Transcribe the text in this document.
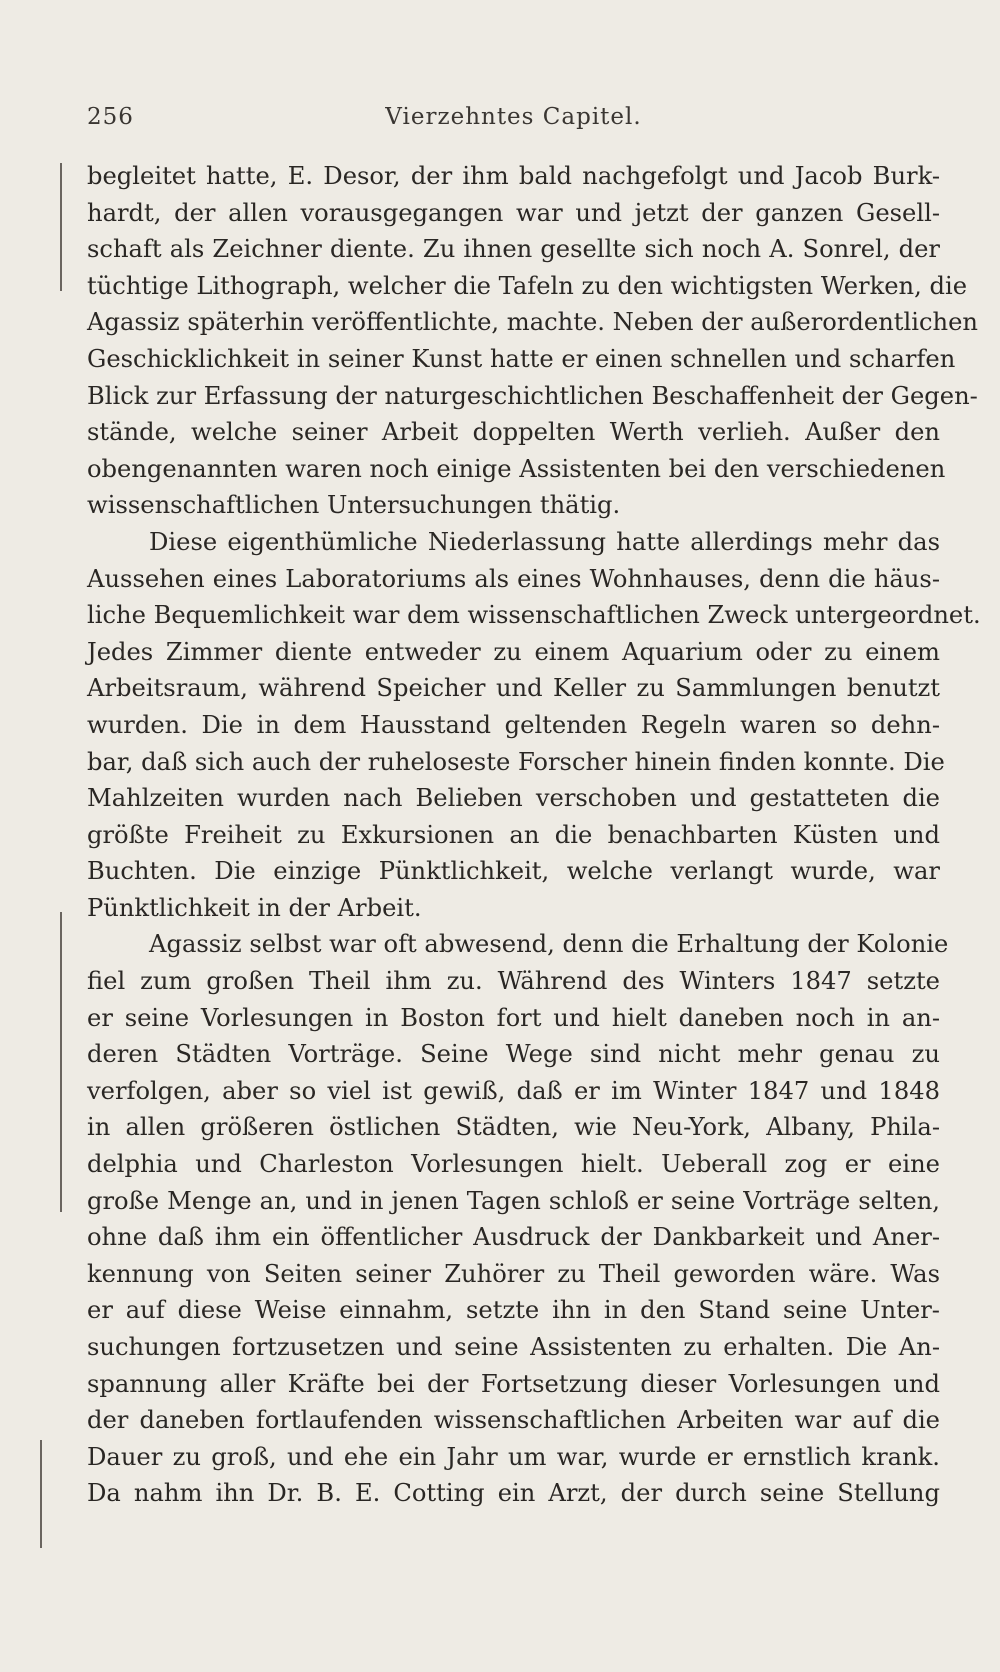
256	Vierzehntes Capitel.
begleitet hatte, E. Desor, der ihm bald nachgefolgt und Jacob Burk-
hardt, der allen vorausgegangen war und jetzt der ganzen Gesell-
schaft als Zeichner diente. Zu ihnen gesellte sich noch A. Sonrel, der
tüchtige Lithograph, welcher die Tafeln zu den wichtigsten Werken, die
Agassiz späterhin veröffentlichte, machte. Neben der außerordentlichen
Geschicklichkeit in seiner Kunst hatte er einen schnellen und scharfen
Blick zur Erfassung der naturgeschichtlichen Beschaffenheit der Gegen-
stände, welche seiner Arbeit doppelten Werth verlieh. Außer den
obengenannten waren noch einige Assistenten bei den verschiedenen
wissenschaftlichen Untersuchungen thätig.
Diese eigenthümliche Niederlassung hatte allerdings mehr das
Aussehen eines Laboratoriums als eines Wohnhauses, denn die häus-
liche Bequemlichkeit war dem wissenschaftlichen Zweck untergeordnet.
Jedes Zimmer diente entweder zu einem Aquarium oder zu einem
Arbeitsraum, während Speicher und Keller zu Sammlungen benutzt
wurden. Die in dem Hausstand geltenden Regeln waren so dehn-
bar, daß sich auch der ruheloseste Forscher hinein finden konnte. Die
Mahlzeiten wurden nach Belieben verschoben und gestatteten die
größte Freiheit zu Exkursionen an die benachbarten Küsten und
Buchten. Die einzige Pünktlichkeit, welche verlangt wurde, war
Pünktlichkeit in der Arbeit.
Agassiz selbst war oft abwesend, denn die Erhaltung der Kolonie
fiel zum großen Theil ihm zu. Während des Winters 1847 setzte
er seine Vorlesungen in Boston fort und hielt daneben noch in an-
deren Städten Vorträge. Seine Wege sind nicht mehr genau zu
verfolgen, aber so viel ist gewiß, daß er im Winter 1847 und 1848
in allen größeren östlichen Städten, wie Neu-York, Albany, Phila-
delphia und Charleston Vorlesungen hielt. Ueberall zog er eine
große Menge an, und in jenen Tagen schloß er seine Vorträge selten,
ohne daß ihm ein öffentlicher Ausdruck der Dankbarkeit und Aner-
kennung von Seiten seiner Zuhörer zu Theil geworden wäre. Was
er auf diese Weise einnahm, setzte ihn in den Stand seine Unter-
suchungen fortzusetzen und seine Assistenten zu erhalten. Die An-
spannung aller Kräfte bei der Fortsetzung dieser Vorlesungen und
der daneben fortlaufenden wissenschaftlichen Arbeiten war auf die
Dauer zu groß, und ehe ein Jahr um war, wurde er ernstlich krank.
Da nahm ihn Dr. B. E. Cotting ein Arzt, der durch seine Stellung
